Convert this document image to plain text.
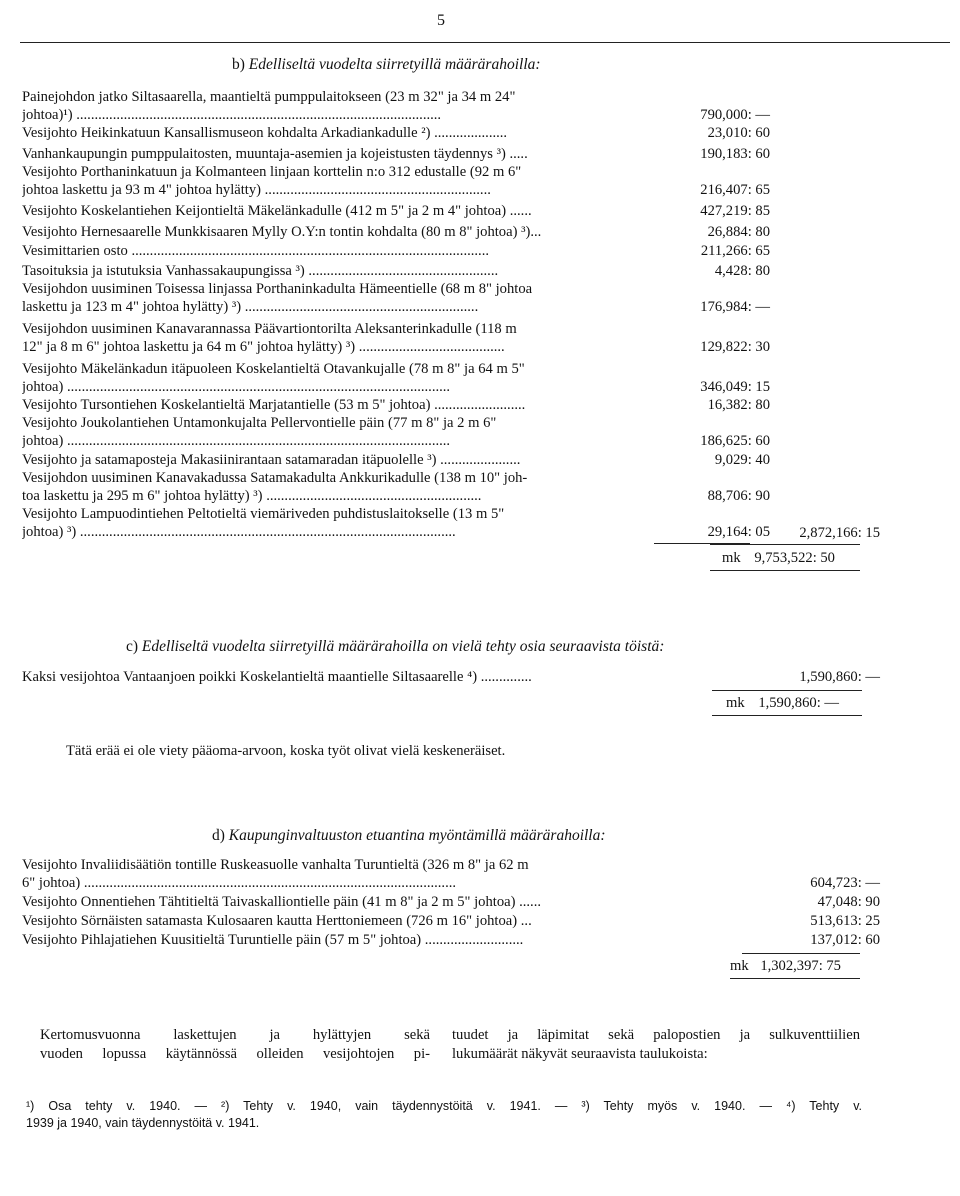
5
b) Edelliseltä vuodelta siirretyillä määrärahoilla:
Painejohdon jatko Siltasaarella, maantieltä pumppulaitokseen (23 m 32" ja 34 m 24"
johtoa)¹) ....................................................................................................	790,000: —
Vesijohto Heikinkatuun Kansallismuseon kohdalta Arkadiankadulle ²) ....................	23,010: 60
Vanhankaupungin pumppulaitosten, muuntaja-asemien ja kojeistusten täydennys ³) .....	190,183: 60
Vesijohto Porthaninkatuun ja Kolmanteen linjaan korttelin n:o 312 edustalle (92 m 6"
johtoa laskettu ja 93 m 4" johtoa hylätty) ..............................................................	216,407: 65
Vesijohto Koskelantiehen Keijontieltä Mäkelänkadulle (412 m 5" ja 2 m 4" johtoa) ......	427,219: 85
Vesijohto Hernesaarelle Munkkisaaren Mylly O.Y:n tontin kohdalta (80 m 8" johtoa) ³)...	26,884: 80
Vesimittarien osto ..................................................................................................	211,266: 65
Tasoituksia ja istutuksia Vanhassakaupungissa ³) ....................................................	4,428: 80
Vesijohdon uusiminen Toisessa linjassa Porthaninkadulta Hämeentielle (68 m 8" johtoa
laskettu ja 123 m 4" johtoa hylätty) ³) ................................................................	176,984: —
Vesijohdon uusiminen Kanavarannassa Päävartiontorilta Aleksanterinkadulle (118 m
12" ja 8 m 6" johtoa laskettu ja 64 m 6" johtoa hylätty) ³) ........................................	129,822: 30
Vesijohto Mäkelänkadun itäpuoleen Koskelantieltä Otavankujalle (78 m 8" ja 64 m 5"
johtoa) .........................................................................................................	346,049: 15
Vesijohto Tursontiehen Koskelantieltä Marjatantielle (53 m 5" johtoa) .........................	16,382: 80
Vesijohto Joukolantiehen Untamonkujalta Pellervontielle päin (77 m 8" ja 2 m 6"
johtoa) .........................................................................................................	186,625: 60
Vesijohto ja satamaposteja Makasiinirantaan satamaradan itäpuolelle ³) ......................	9,029: 40
Vesijohdon uusiminen Kanavakadussa Satamakadulta Ankkurikadulle (138 m 10" joh-
toa laskettu ja 295 m 6" johtoa hylätty) ³) ...........................................................	88,706: 90
Vesijohto Lampuodintiehen Peltotieltä viemäriveden puhdistuslaitokselle (13 m 5"
johtoa) ³) .......................................................................................................	29,164: 05	2,872,166: 15
mk 9,753,522: 50
c) Edelliseltä vuodelta siirretyillä määrärahoilla on vielä tehty osia seuraavista töistä:
Kaksi vesijohtoa Vantaanjoen poikki Koskelantieltä maantielle Siltasaarelle ⁴) ..............	1,590,860: —
mk 1,590,860: —
Tätä erää ei ole viety pääoma-arvoon, koska työt olivat vielä keskeneräiset.
d) Kaupunginvaltuuston etuantina myöntämillä määrärahoilla:
Vesijohto Invaliidisäätiön tontille Ruskeasuolle vanhalta Turuntieltä (326 m 8" ja 62 m
6" johtoa) ......................................................................................................	604,723: —
Vesijohto Onnentiehen Tähtitieltä Taivaskalliontielle päin (41 m 8" ja 2 m 5" johtoa) ......	47,048: 90
Vesijohto Sörnäisten satamasta Kulosaaren kautta Herttoniemeen (726 m 16" johtoa) ...	513,613: 25
Vesijohto Pihlajatiehen Kuusitieltä Turuntielle päin (57 m 5" johtoa) ...........................	137,012: 60
mk 1,302,397: 75
Kertomusvuonna laskettujen ja hylättyjen sekä
vuoden lopussa käytännössä olleiden vesijohtojen pi-
tuudet ja läpimitat sekä palopostien ja sulkuventtiilien
lukumäärät näkyvät seuraavista taulukoista:
¹) Osa tehty v. 1940. — ²) Tehty v. 1940, vain täydennystöitä v. 1941. — ³) Tehty myös v. 1940. — ⁴) Tehty v.
1939 ja 1940, vain täydennystöitä v. 1941.
